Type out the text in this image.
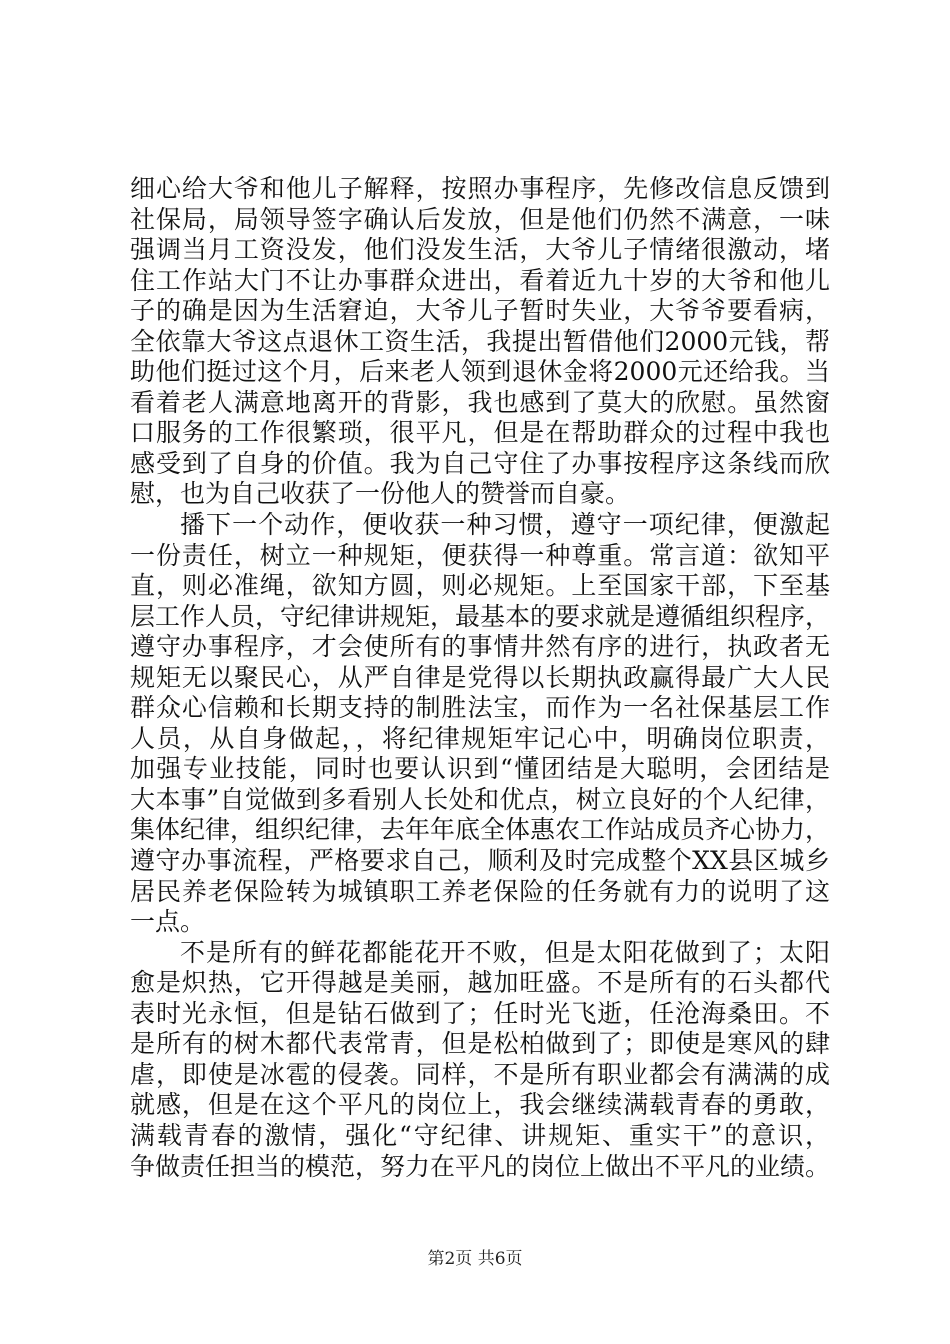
细心给大爷和他儿子解释，按照办事程序，先修改信息反馈到
社保局，局领导签字确认后发放，但是他们仍然不满意，一味
强调当月工资没发，他们没发生活，大爷儿子情绪很激动，堵
住工作站大门不让办事群众进出，看着近九十岁的大爷和他儿
子的确是因为生活窘迫，大爷儿子暂时失业，大爷爷要看病，
全依靠大爷这点退休工资生活，我提出暂借他们2000元钱，帮
助他们挺过这个月，后来老人领到退休金将2000元还给我。当
看着老人满意地离开的背影，我也感到了莫大的欣慰。虽然窗
口服务的工作很繁琐，很平凡，但是在帮助群众的过程中我也
感受到了自身的价值。我为自己守住了办事按程序这条线而欣
慰，也为自己收获了一份他人的赞誉而自豪。
播下一个动作，便收获一种习惯，遵守一项纪律，便激起
一份责任，树立一种规矩，便获得一种尊重。常言道：欲知平
直，则必准绳，欲知方圆，则必规矩。上至国家干部，下至基
层工作人员，守纪律讲规矩，最基本的要求就是遵循组织程序，
遵守办事程序，才会使所有的事情井然有序的进行，执政者无
规矩无以聚民心，从严自律是党得以长期执政赢得最广大人民
群众心信赖和长期支持的制胜法宝，而作为一名社保基层工作
人员，从自身做起，，将纪律规矩牢记心中，明确岗位职责，
加强专业技能，同时也要认识到“懂团结是大聪明，会团结是
大本事”自觉做到多看别人长处和优点，树立良好的个人纪律，
集体纪律，组织纪律，去年年底全体惠农工作站成员齐心协力，
遵守办事流程，严格要求自己，顺利及时完成整个XX县区城乡
居民养老保险转为城镇职工养老保险的任务就有力的说明了这
一点。
不是所有的鲜花都能花开不败，但是太阳花做到了；太阳
愈是炽热，它开得越是美丽，越加旺盛。不是所有的石头都代
表时光永恒，但是钻石做到了；任时光飞逝，任沧海桑田。不
是所有的树木都代表常青，但是松柏做到了；即使是寒风的肆
虐，即使是冰雹的侵袭。同样，不是所有职业都会有满满的成
就感，但是在这个平凡的岗位上，我会继续满载青春的勇敢，
满载青春的激情，强化“守纪律、讲规矩、重实干”的意识，
争做责任担当的模范，努力在平凡的岗位上做出不平凡的业绩。
第2页 共6页
